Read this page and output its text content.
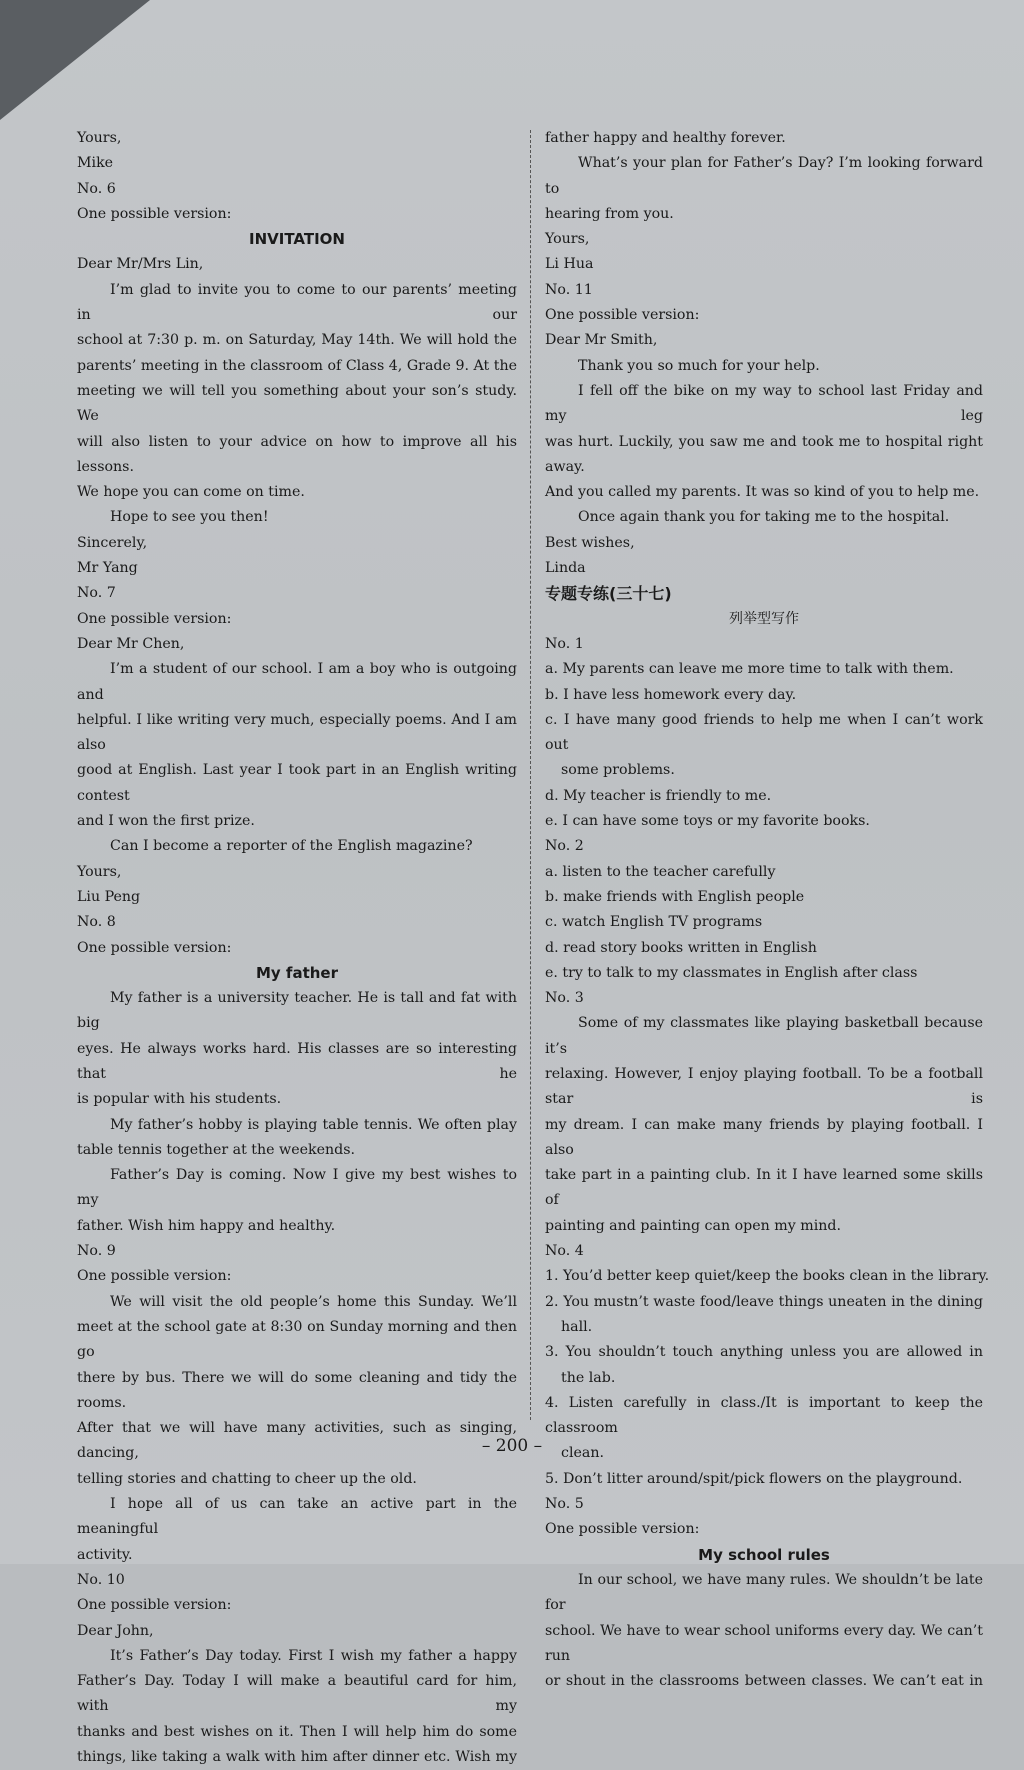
Yours,
Mike
No. 6
One possible version:
INVITATION
Dear Mr/Mrs Lin,
I’m glad to invite you to come to our parents’ meeting in our
school at 7:30 p. m. on Saturday, May 14th. We will hold the
parents’ meeting in the classroom of Class 4, Grade 9. At the
meeting we will tell you something about your son’s study. We
will also listen to your advice on how to improve all his lessons.
We hope you can come on time.
Hope to see you then!
Sincerely,
Mr Yang
No. 7
One possible version:
Dear Mr Chen,
I’m a student of our school. I am a boy who is outgoing and
helpful. I like writing very much, especially poems. And I am also
good at English. Last year I took part in an English writing contest
and I won the first prize.
Can I become a reporter of the English magazine?
Yours,
Liu Peng
No. 8
One possible version:
My father
My father is a university teacher. He is tall and fat with big
eyes. He always works hard. His classes are so interesting that he
is popular with his students.
My father’s hobby is playing table tennis. We often play
table tennis together at the weekends.
Father’s Day is coming. Now I give my best wishes to my
father. Wish him happy and healthy.
No. 9
One possible version:
We will visit the old people’s home this Sunday. We’ll
meet at the school gate at 8:30 on Sunday morning and then go
there by bus. There we will do some cleaning and tidy the rooms.
After that we will have many activities, such as singing, dancing,
telling stories and chatting to cheer up the old.
I hope all of us can take an active part in the meaningful
activity.
No. 10
One possible version:
Dear John,
It’s Father’s Day today. First I wish my father a happy
Father’s Day. Today I will make a beautiful card for him, with my
thanks and best wishes on it. Then I will help him do some
things, like taking a walk with him after dinner etc. Wish my
father happy and healthy forever.
What’s your plan for Father’s Day? I’m looking forward to
hearing from you.
Yours,
Li Hua
No. 11
One possible version:
Dear Mr Smith,
Thank you so much for your help.
I fell off the bike on my way to school last Friday and my leg
was hurt. Luckily, you saw me and took me to hospital right away.
And you called my parents. It was so kind of you to help me.
Once again thank you for taking me to the hospital.
Best wishes,
Linda
专题专练(三十七)
列举型写作
No. 1
a. My parents can leave me more time to talk with them.
b. I have less homework every day.
c. I have many good friends to help me when I can’t work out
some problems.
d. My teacher is friendly to me.
e. I can have some toys or my favorite books.
No. 2
a. listen to the teacher carefully
b. make friends with English people
c. watch English TV programs
d. read story books written in English
e. try to talk to my classmates in English after class
No. 3
Some of my classmates like playing basketball because it’s
relaxing. However, I enjoy playing football. To be a football star is
my dream. I can make many friends by playing football. I also
take part in a painting club. In it I have learned some skills of
painting and painting can open my mind.
No. 4
1. You’d better keep quiet/keep the books clean in the library.
2. You mustn’t waste food/leave things uneaten in the dining
hall.
3. You shouldn’t touch anything unless you are allowed in
the lab.
4. Listen carefully in class./It is important to keep the classroom
clean.
5. Don’t litter around/spit/pick flowers on the playground.
No. 5
One possible version:
My school rules
In our school, we have many rules. We shouldn’t be late for
school. We have to wear school uniforms every day. We can’t run
or shout in the classrooms between classes. We can’t eat in
– 200 –
